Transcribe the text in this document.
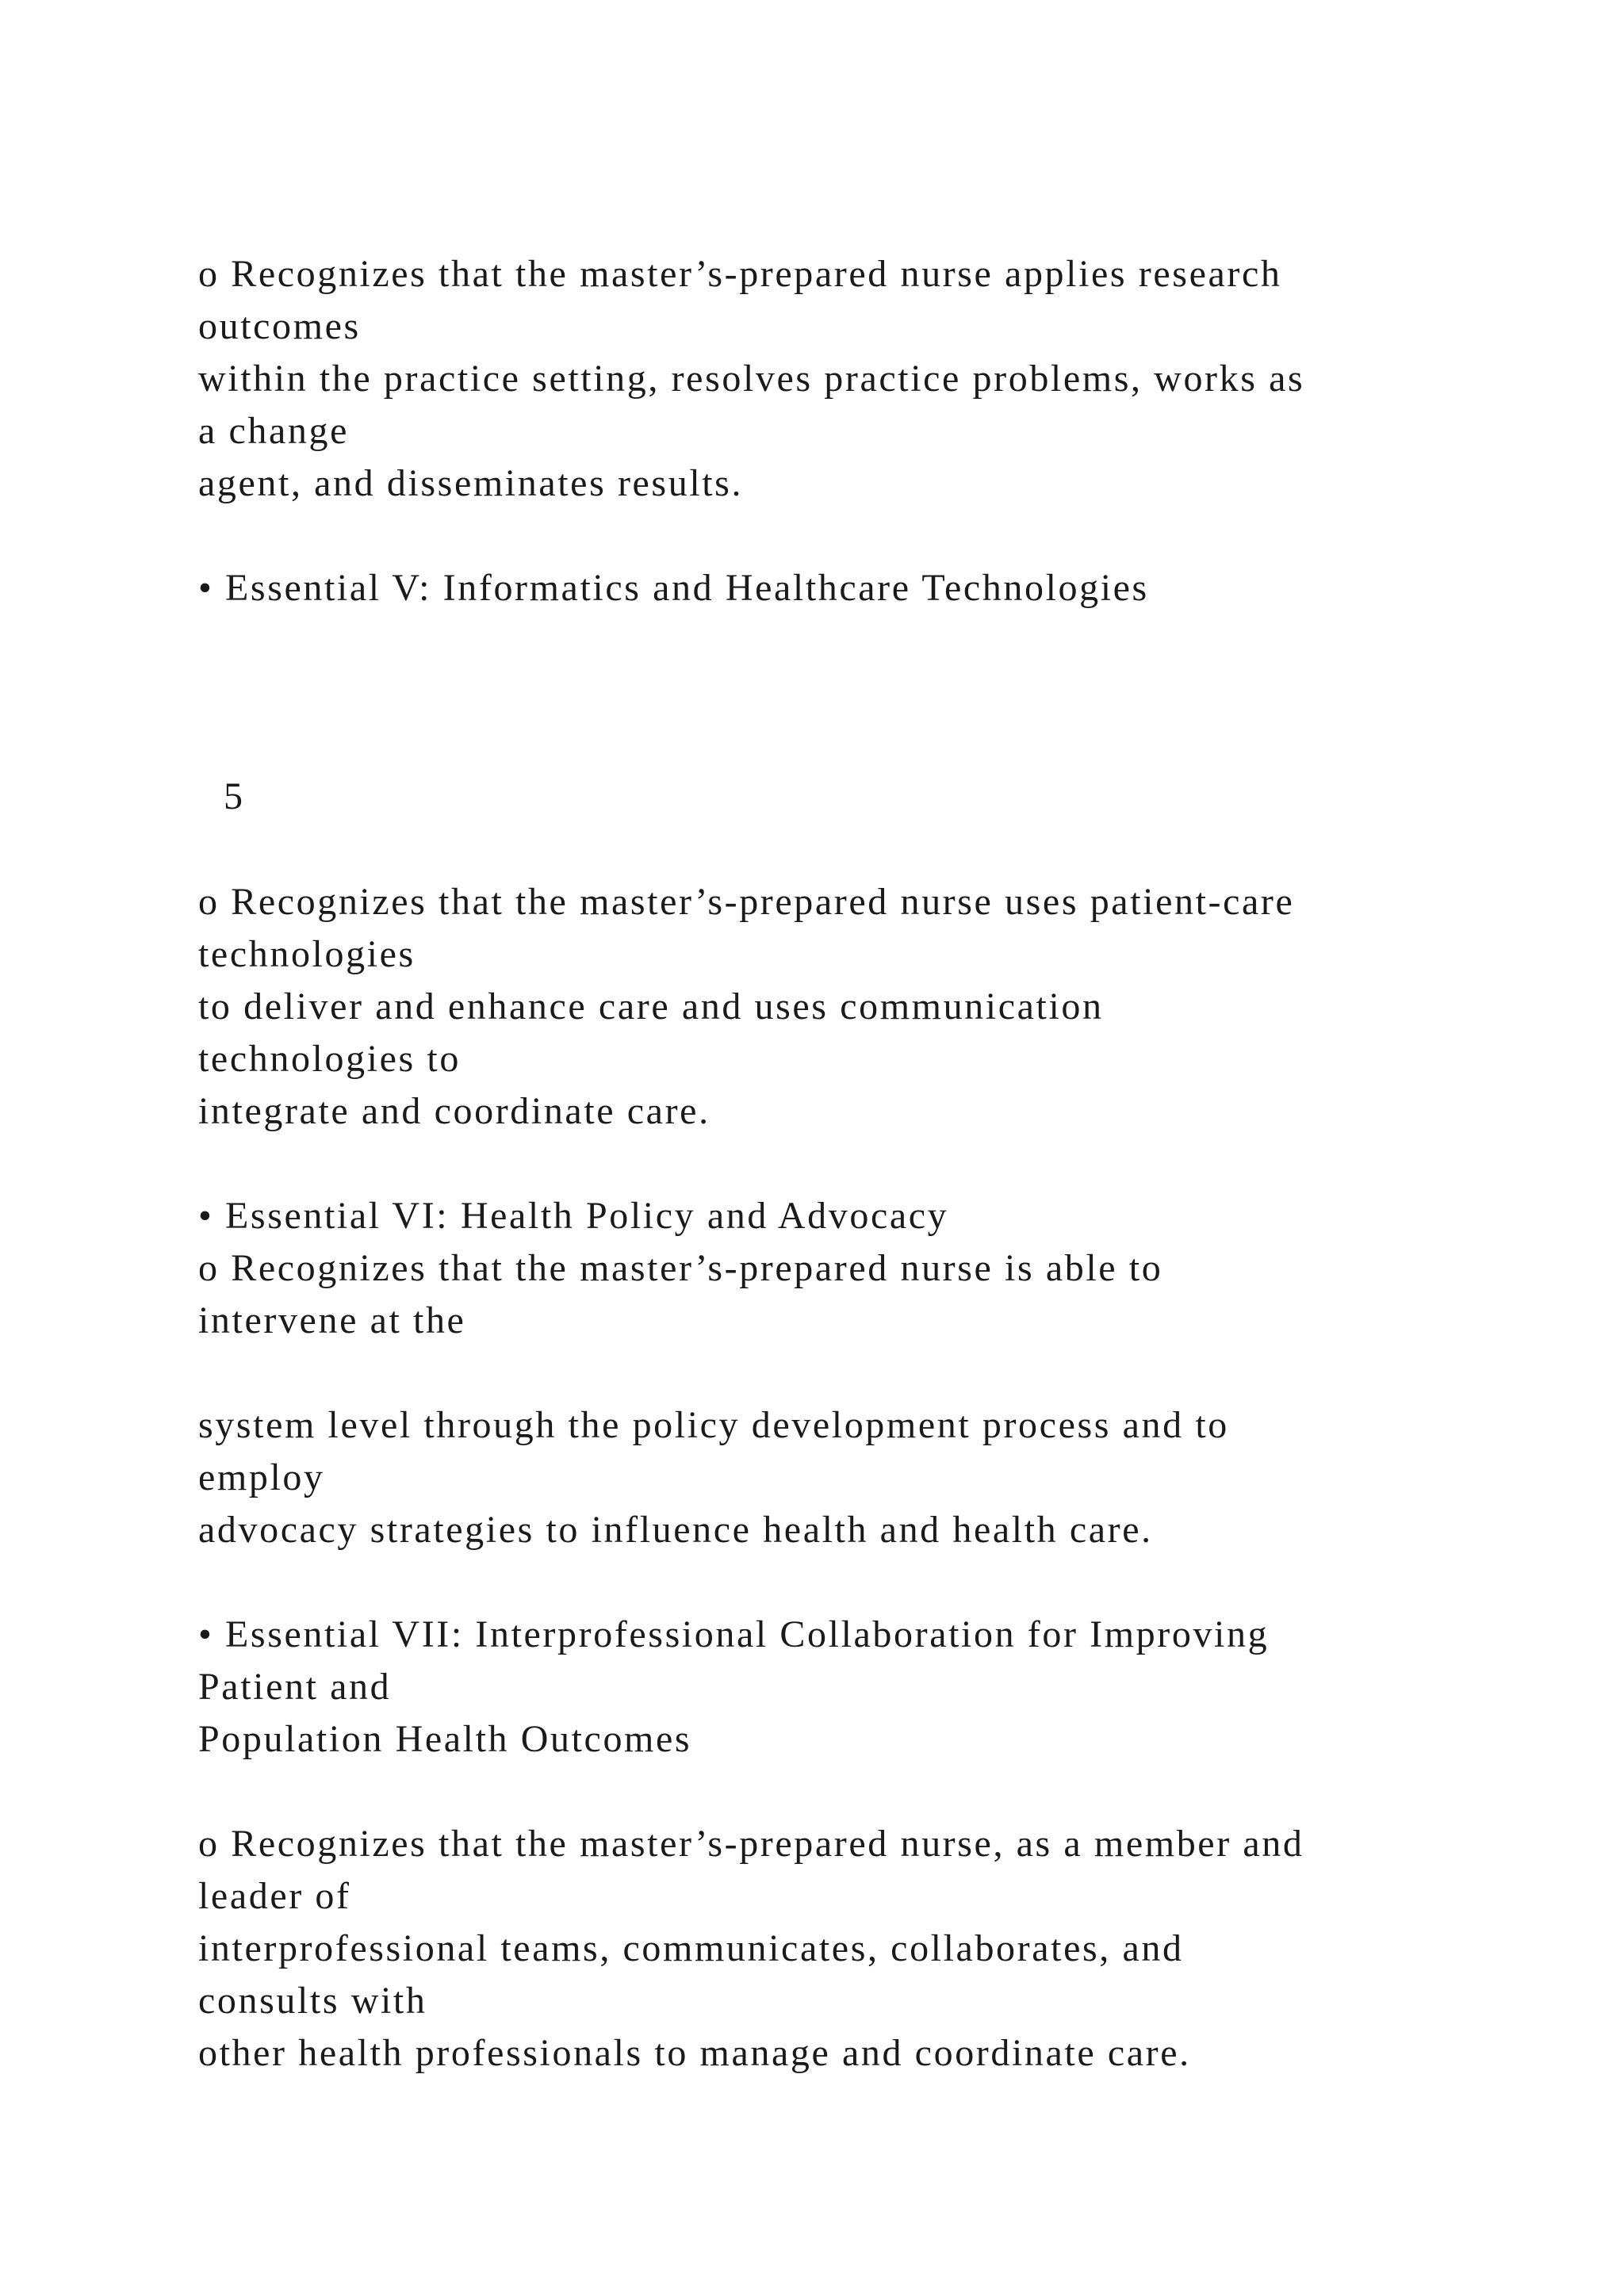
o Recognizes that the master’s-prepared nurse applies research

outcomes

within the practice setting, resolves practice problems, works as

a change

agent, and disseminates results.

• Essential V: Informatics and Healthcare Technologies

5

o Recognizes that the master’s-prepared nurse uses patient-care

technologies

to deliver and enhance care and uses communication

technologies to

integrate and coordinate care.

• Essential VI: Health Policy and Advocacy

o Recognizes that the master’s-prepared nurse is able to

intervene at the

system level through the policy development process and to

employ

advocacy strategies to influence health and health care.

• Essential VII: Interprofessional Collaboration for Improving

Patient and

Population Health Outcomes

o Recognizes that the master’s-prepared nurse, as a member and

leader of

interprofessional teams, communicates, collaborates, and

consults with

other health professionals to manage and coordinate care.
